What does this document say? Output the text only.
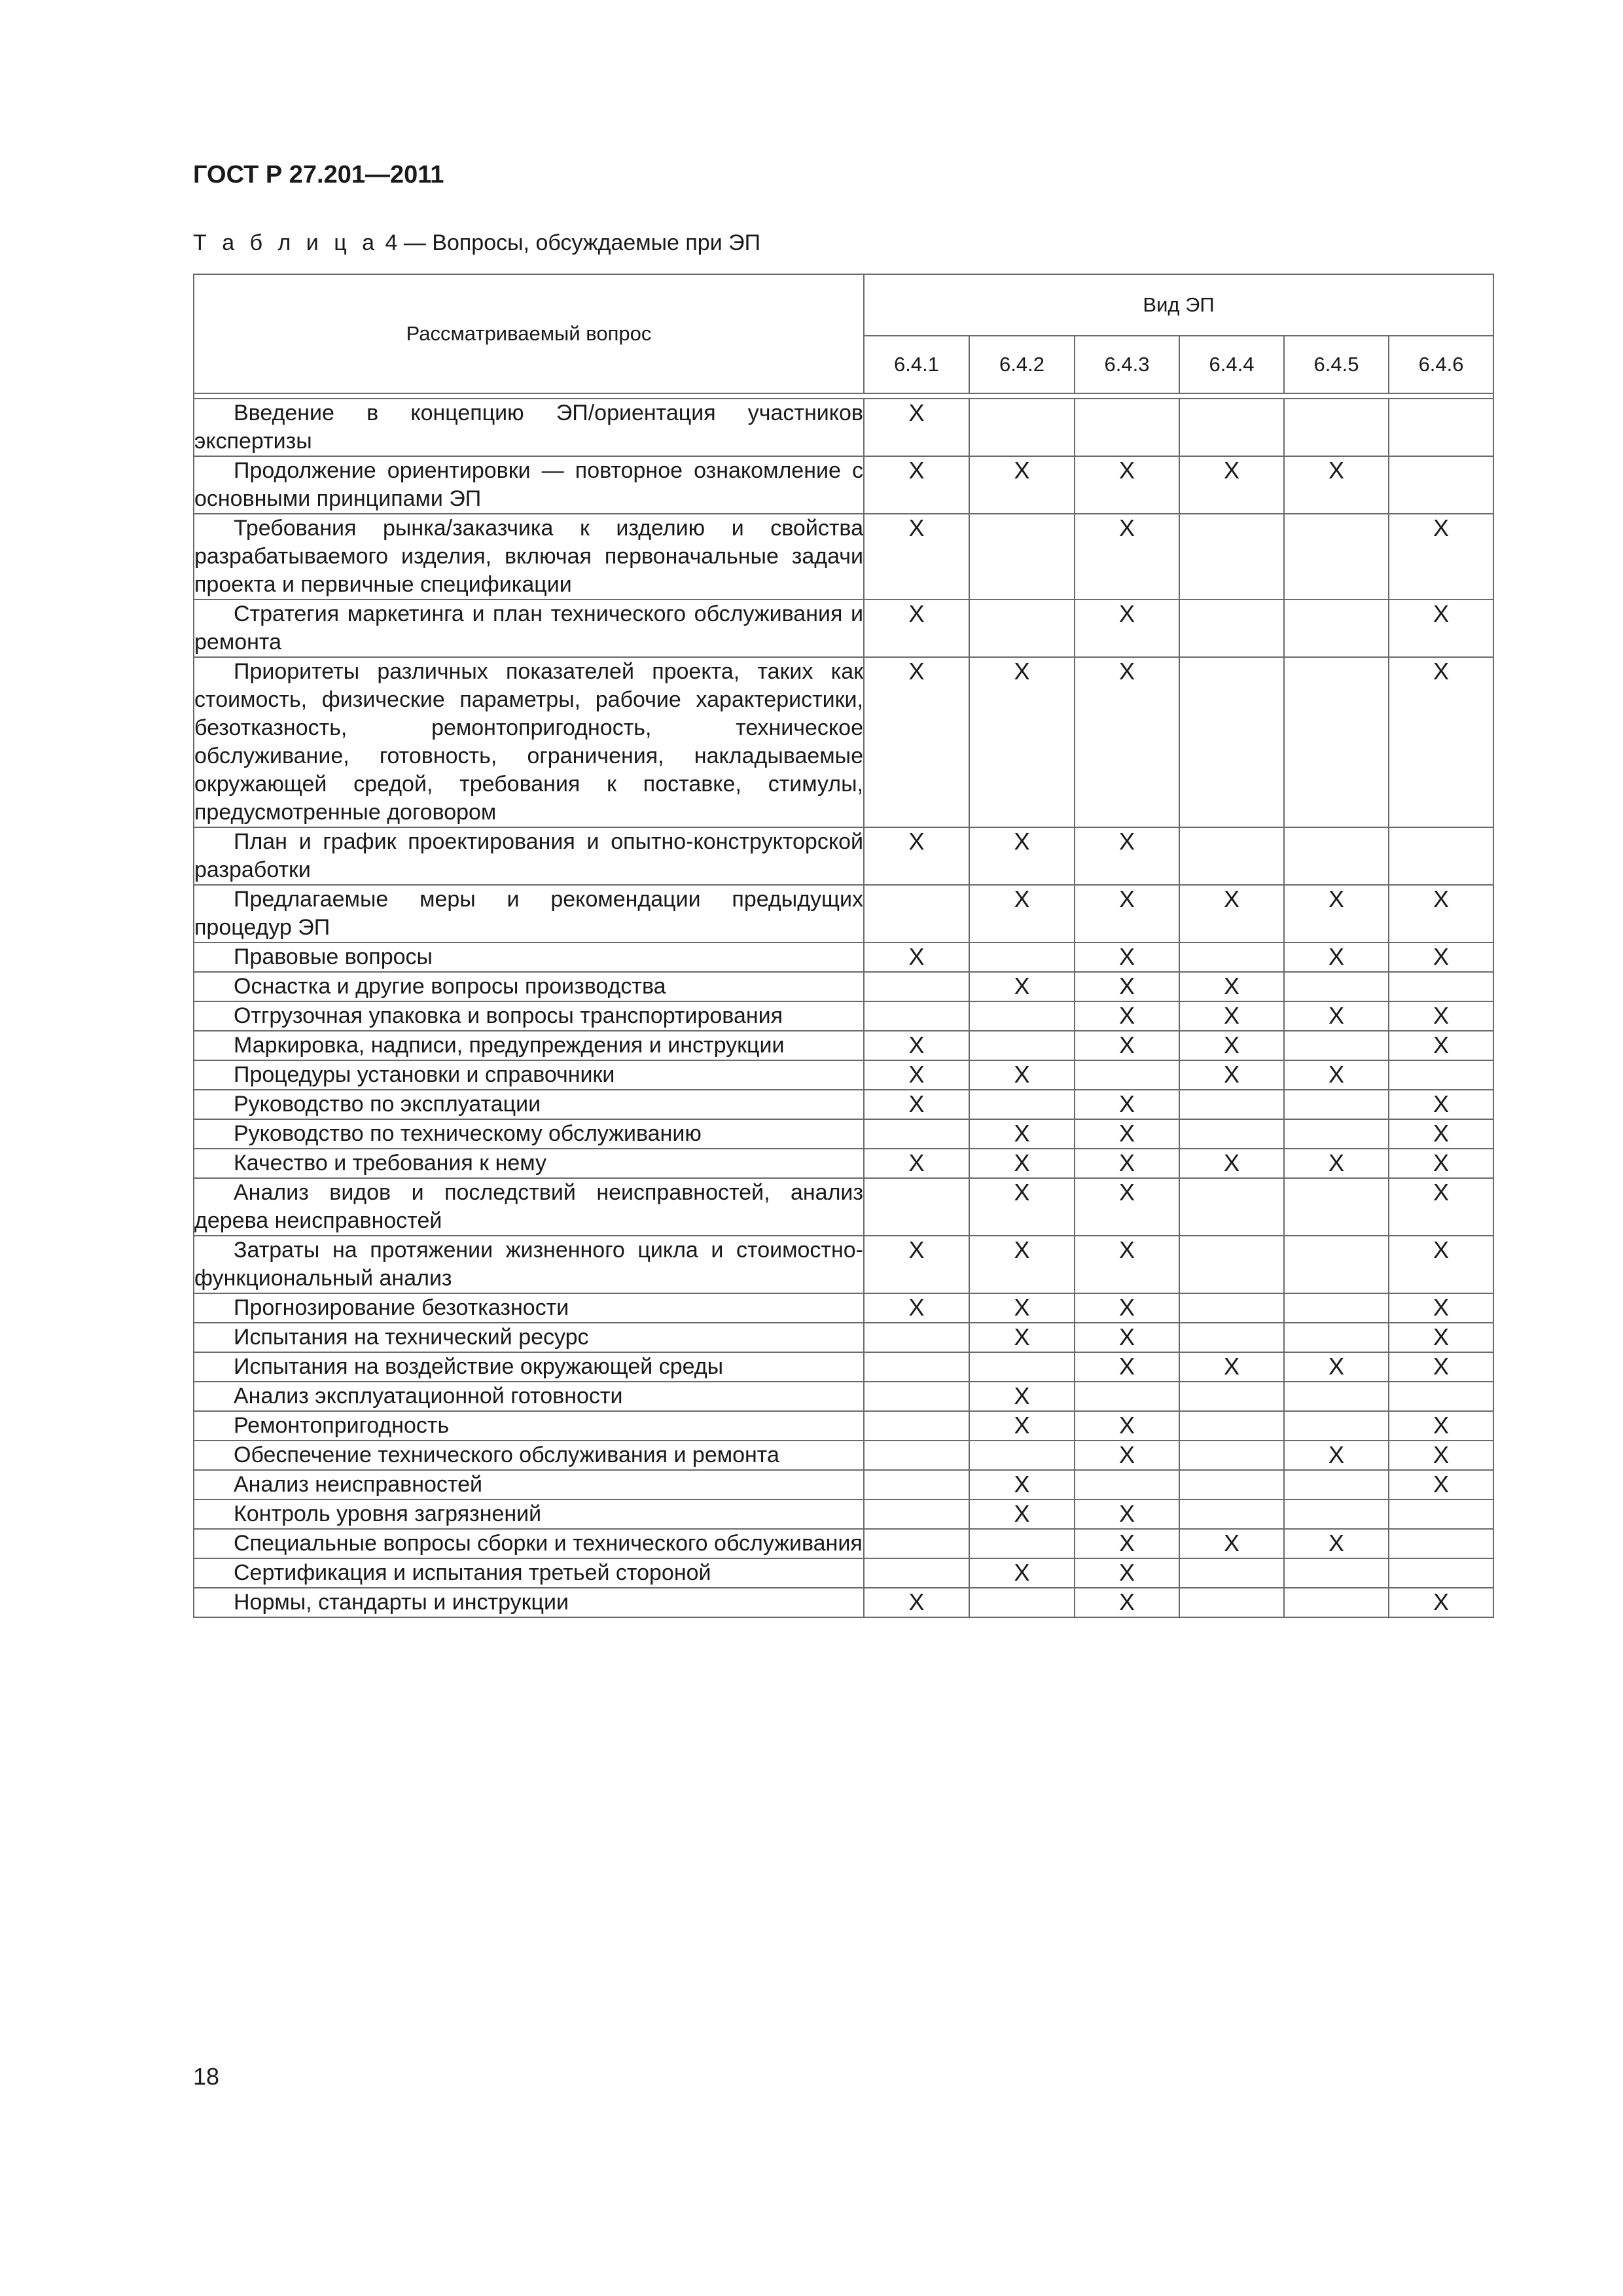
ГОСТ Р 27.201—2011
Т а б л и ц а 4 — Вопросы, обсуждаемые при ЭП
Рассматриваемый вопрос	Вид ЭП					
	6.4.1	6.4.2	6.4.3	6.4.4	6.4.5	6.4.6

Введение в концепцию ЭП/ориентация участников экспертизы	X					

Продолжение ориентировки — повторное ознакомление с основными принципами ЭП	X	X	X	X	X	

Требования рынка/заказчика к изделию и свойства разрабатываемого изделия, включая первоначальные задачи проекта и первичные спецификации	X		X			X

Стратегия маркетинга и план технического обслуживания и ремонта	X		X			X

Приоритеты различных показателей проекта, таких как стоимость, физические параметры, рабочие характеристики, безотказность, ремонтопригодность, техническое обслуживание, готовность, ограничения, накладываемые окружающей средой, требования к поставке, стимулы, предусмотренные договором	X	X	X			X

План и график проектирования и опытно-конструкторской разработки	X	X	X			

Предлагаемые меры и рекомендации предыдущих процедур ЭП		X	X	X	X	X

Правовые вопросы	X		X		X	X

Оснастка и другие вопросы производства		X	X	X		

Отгрузочная упаковка и вопросы транспортирования			X	X	X	X

Маркировка, надписи, предупреждения и инструкции	X		X	X		X

Процедуры установки и справочники	X	X		X	X	

Руководство по эксплуатации	X		X			X

Руководство по техническому обслуживанию		X	X			X

Качество и требования к нему	X	X	X	X	X	X

Анализ видов и последствий неисправностей, анализ дерева неисправностей		X	X			X

Затраты на протяжении жизненного цикла и стоимостно-функциональный анализ	X	X	X			X

Прогнозирование безотказности	X	X	X			X

Испытания на технический ресурс		X	X			X

Испытания на воздействие окружающей среды			X	X	X	X

Анализ эксплуатационной готовности		X				

Ремонтопригодность		X	X			X

Обеспечение технического обслуживания и ремонта			X		X	X

Анализ неисправностей		X				X

Контроль уровня загрязнений		X	X			

Специальные вопросы сборки и технического обслуживания			X	X	X	

Сертификация и испытания третьей стороной		X	X			

Нормы, стандарты и инструкции	X		X			X
18
